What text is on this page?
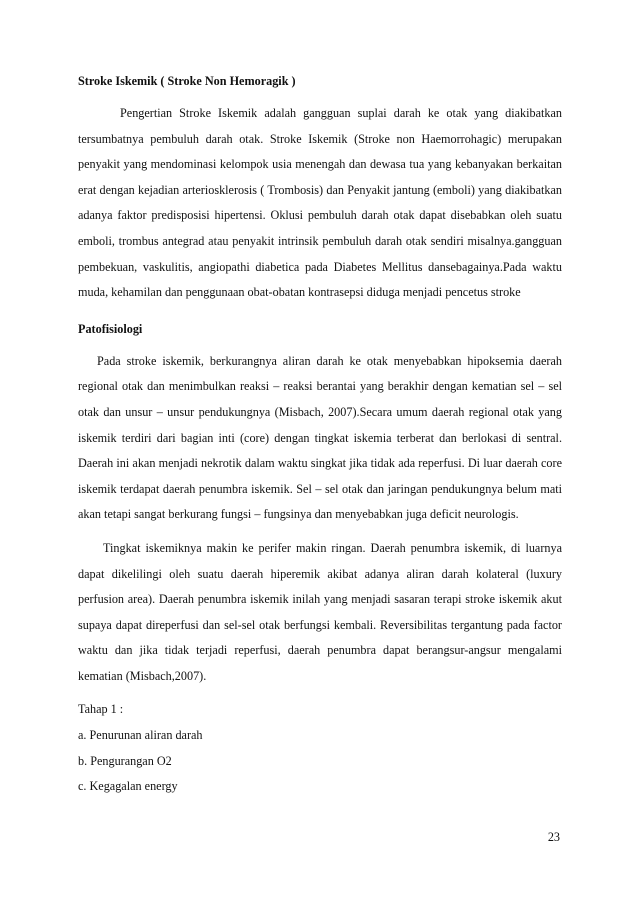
Stroke Iskemik ( Stroke Non Hemoragik )

Pengertian Stroke Iskemik adalah gangguan suplai darah ke otak yang diakibatkan tersumbatnya pembuluh darah otak. Stroke Iskemik (Stroke non Haemorrohagic) merupakan penyakit yang mendominasi kelompok usia menengah dan dewasa tua yang kebanyakan berkaitan erat dengan kejadian arteriosklerosis ( Trombosis) dan Penyakit jantung (emboli) yang diakibatkan adanya faktor predisposisi hipertensi. Oklusi pembuluh darah otak dapat disebabkan oleh suatu emboli, trombus antegrad atau penyakit intrinsik pembuluh darah otak sendiri misalnya.gangguan pembekuan, vaskulitis, angiopathi diabetica pada Diabetes Mellitus dansebagainya.Pada waktu muda, kehamilan dan penggunaan obat-obatan kontrasepsi diduga menjadi pencetus stroke

Patofisiologi

Pada stroke iskemik, berkurangnya aliran darah ke otak menyebabkan hipoksemia daerah regional otak dan menimbulkan reaksi – reaksi berantai yang berakhir dengan kematian sel – sel otak dan unsur – unsur pendukungnya (Misbach, 2007).Secara umum daerah regional otak yang iskemik terdiri dari bagian inti (core) dengan tingkat iskemia terberat dan berlokasi di sentral. Daerah ini akan menjadi nekrotik dalam waktu singkat jika tidak ada reperfusi. Di luar daerah core iskemik terdapat daerah penumbra iskemik. Sel – sel otak dan jaringan pendukungnya belum mati akan tetapi sangat berkurang fungsi – fungsinya dan menyebabkan juga deficit neurologis.

Tingkat iskemiknya makin ke perifer makin ringan. Daerah penumbra iskemik, di luarnya dapat dikelilingi oleh suatu daerah hiperemik akibat adanya aliran darah kolateral (luxury perfusion area). Daerah penumbra iskemik inilah yang menjadi sasaran terapi stroke iskemik akut supaya dapat direperfusi dan sel-sel otak berfungsi kembali. Reversibilitas tergantung pada factor waktu dan jika tidak terjadi reperfusi, daerah penumbra dapat berangsur-angsur mengalami kematian (Misbach,2007).

Tahap 1 :

a. Penurunan aliran darah

b. Pengurangan O2

c. Kegagalan energy

23
